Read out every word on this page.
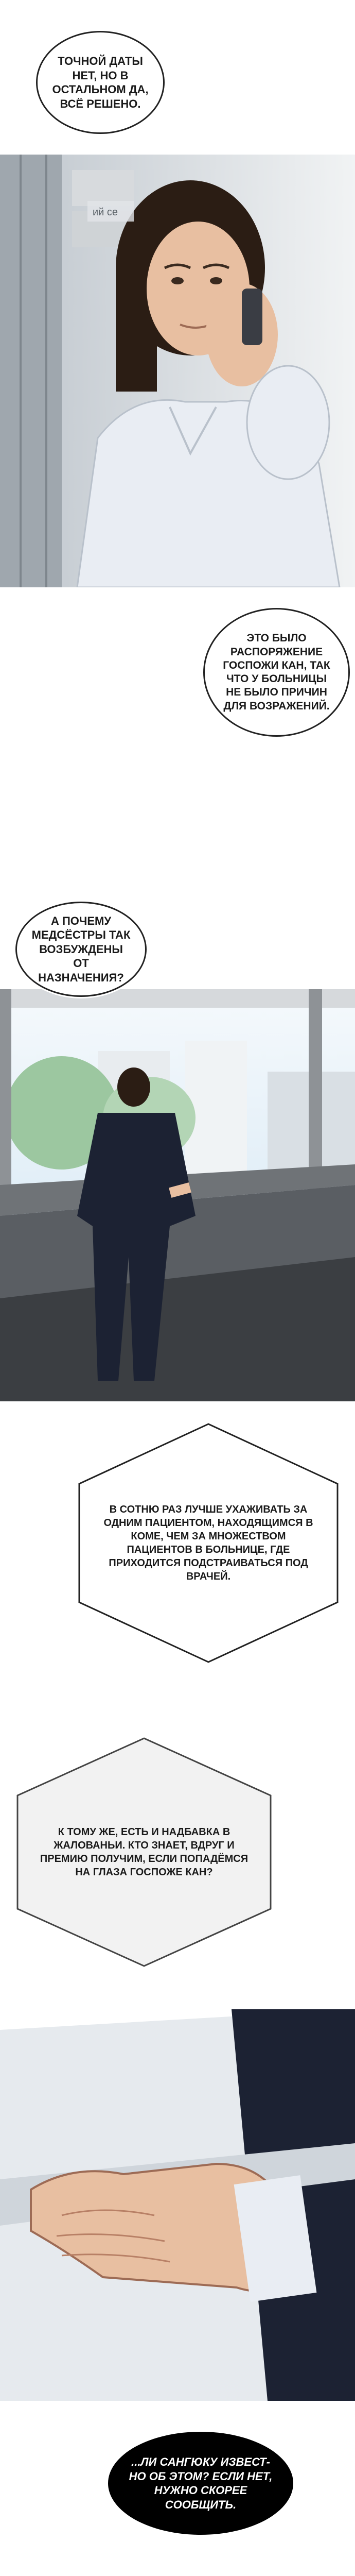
ий се
ТОЧНОЙ ДАТЫ НЕТ, НО В ОСТАЛЬНОМ ДА, ВСЁ РЕШЕНО.
ЭТО БЫЛО РАСПОРЯЖЕНИЕ ГОСПОЖИ КАН, ТАК ЧТО У БОЛЬНИЦЫ НЕ БЫЛО ПРИЧИН ДЛЯ ВОЗРАЖЕНИЙ.
А ПОЧЕМУ МЕДСЁСТРЫ ТАК ВОЗБУЖДЕНЫ ОТ НАЗНАЧЕНИЯ?
В СОТНЮ РАЗ ЛУЧШЕ УХАЖИВАТЬ ЗА ОДНИМ ПАЦИЕНТОМ, НАХОДЯЩИМСЯ В КОМЕ, ЧЕМ ЗА МНОЖЕСТВОМ ПАЦИЕНТОВ В БОЛЬНИЦЕ, ГДЕ ПРИХОДИТСЯ ПОДСТРАИВАТЬСЯ ПОД ВРАЧЕЙ.
К ТОМУ ЖЕ, ЕСТЬ И НАДБАВКА В ЖАЛОВАНЬИ. КТО ЗНАЕТ, ВДРУГ И ПРЕМИЮ ПОЛУЧИМ, ЕСЛИ ПОПАДЁМСЯ НА ГЛАЗА ГОСПОЖЕ КАН?
...ЛИ САНГЮКУ ИЗВЕСТ-НО ОБ ЭТОМ? ЕСЛИ НЕТ, НУЖНО СКОРЕЕ СООБЩИТЬ.
